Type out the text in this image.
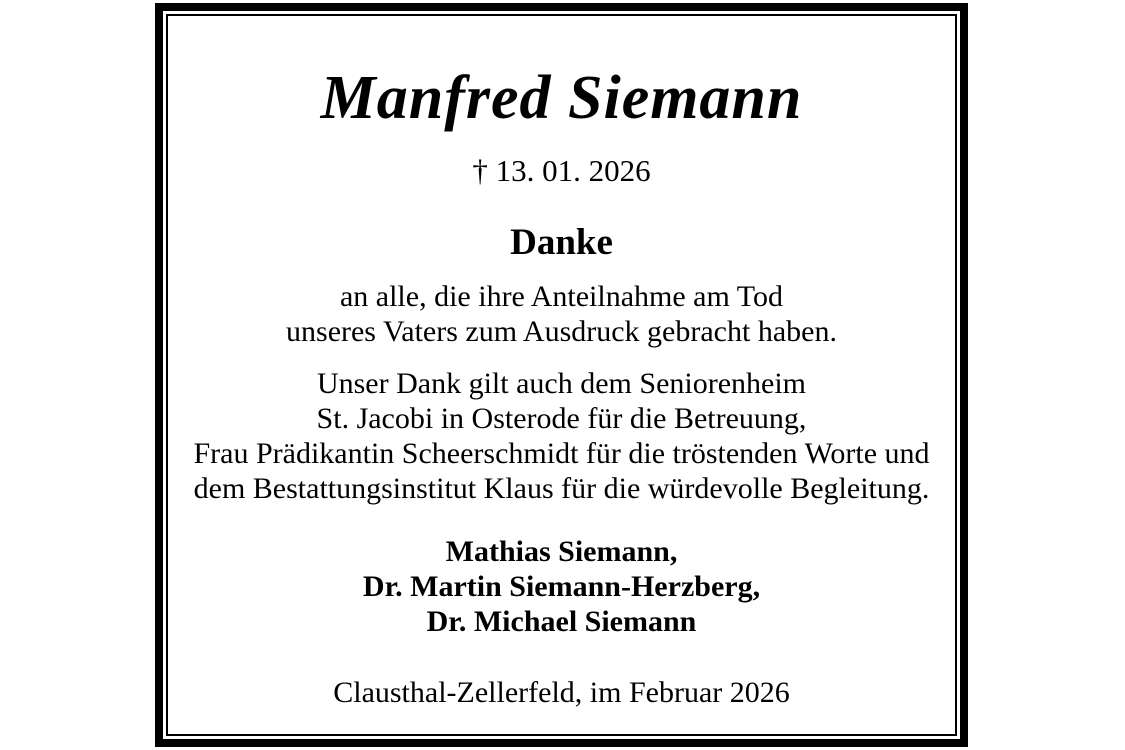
Manfred Siemann
† 13. 01. 2026
Danke

an alle, die ihre Anteilnahme am Tod
unseres Vaters zum Ausdruck gebracht haben.

Unser Dank gilt auch dem Seniorenheim
St. Jacobi in Osterode für die Betreuung,
Frau Prädikantin Scheerschmidt für die tröstenden Worte und
dem Bestattungsinstitut Klaus für die würdevolle Begleitung.

Mathias Siemann,
Dr. Martin Siemann-Herzberg,
Dr. Michael Siemann

Clausthal-Zellerfeld, im Februar 2026
